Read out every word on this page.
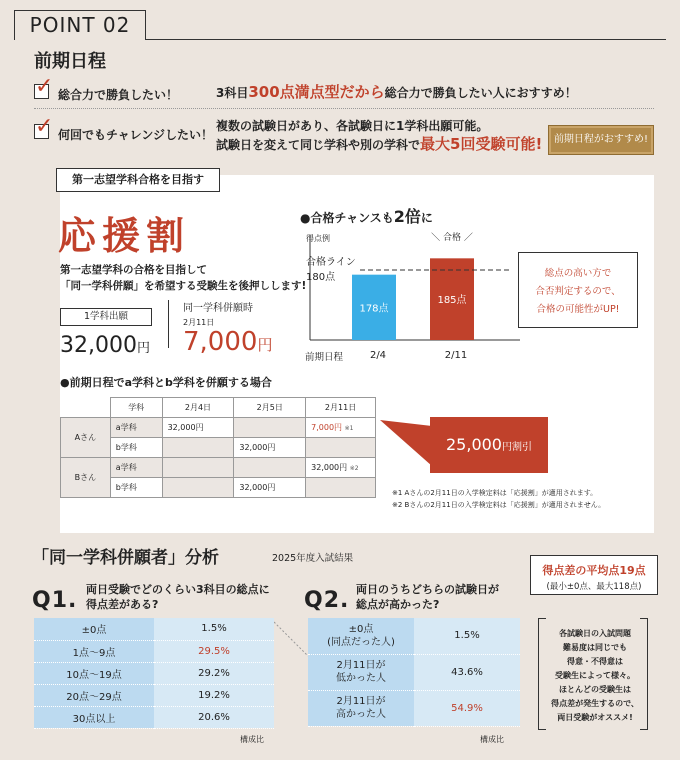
POINT 02
前期日程
✓ 総合力で勝負したい！	3科目300点満点型だから総合力で勝負したい人におすすめ！
✓ 何回でもチャレンジしたい！
複数の試験日があり、各試験日に1学科出願可能。
試験日を変えて同じ学科や別の学科で最大5回受験可能!	前期日程がおすすめ!
第一志望学科合格を目指す
応援割
第一志望学科の合格を目指して
「同一学科併願」を希望する受験生を後押しします!
1学科出願
32,000円
同一学科併願時
2月11日
7,000円
●合格チャンスも2倍に
得点例
合格ライン
180点
178点
2/4
185点
2/11
＼ 合格 ／
前期日程
総点の高い方で
合否判定するので、
合格の可能性がUP!
●前期日程でa学科とb学科を併願する場合
	学科	2月4日	2月5日	2月11日
Aさん	a学科	32,000円		7,000円 ※1
	b学科		32,000円	
Bさん	a学科			32,000円 ※2
	b学科		32,000円	
25,000円割引
※1 Aさんの2月11日の入学検定料は「応援割」が適用されます。
※2 Bさんの2月11日の入学検定料は「応援割」が適用されません。
「同一学科併願者」分析	2025年度入試結果
Q1. 両日受験でどのくらい3科目の総点に
得点差がある?
±0点	1.5%
1点〜9点	29.5%
10点〜19点	29.2%
20点〜29点	19.2%
30点以上	20.6%
構成比
Q2. 両日のうちどちらの試験日が
総点が高かった?
±0点
(同点だった人)	1.5%

2月11日が
低かった人	43.6%

2月11日が
高かった人	54.9%
構成比
得点差の平均点19点
(最小±0点、最大118点)
各試験日の入試問題
難易度は同じでも
得意・不得意は
受験生によって様々。
ほとんどの受験生は
得点差が発生するので、
両日受験がオススメ!
